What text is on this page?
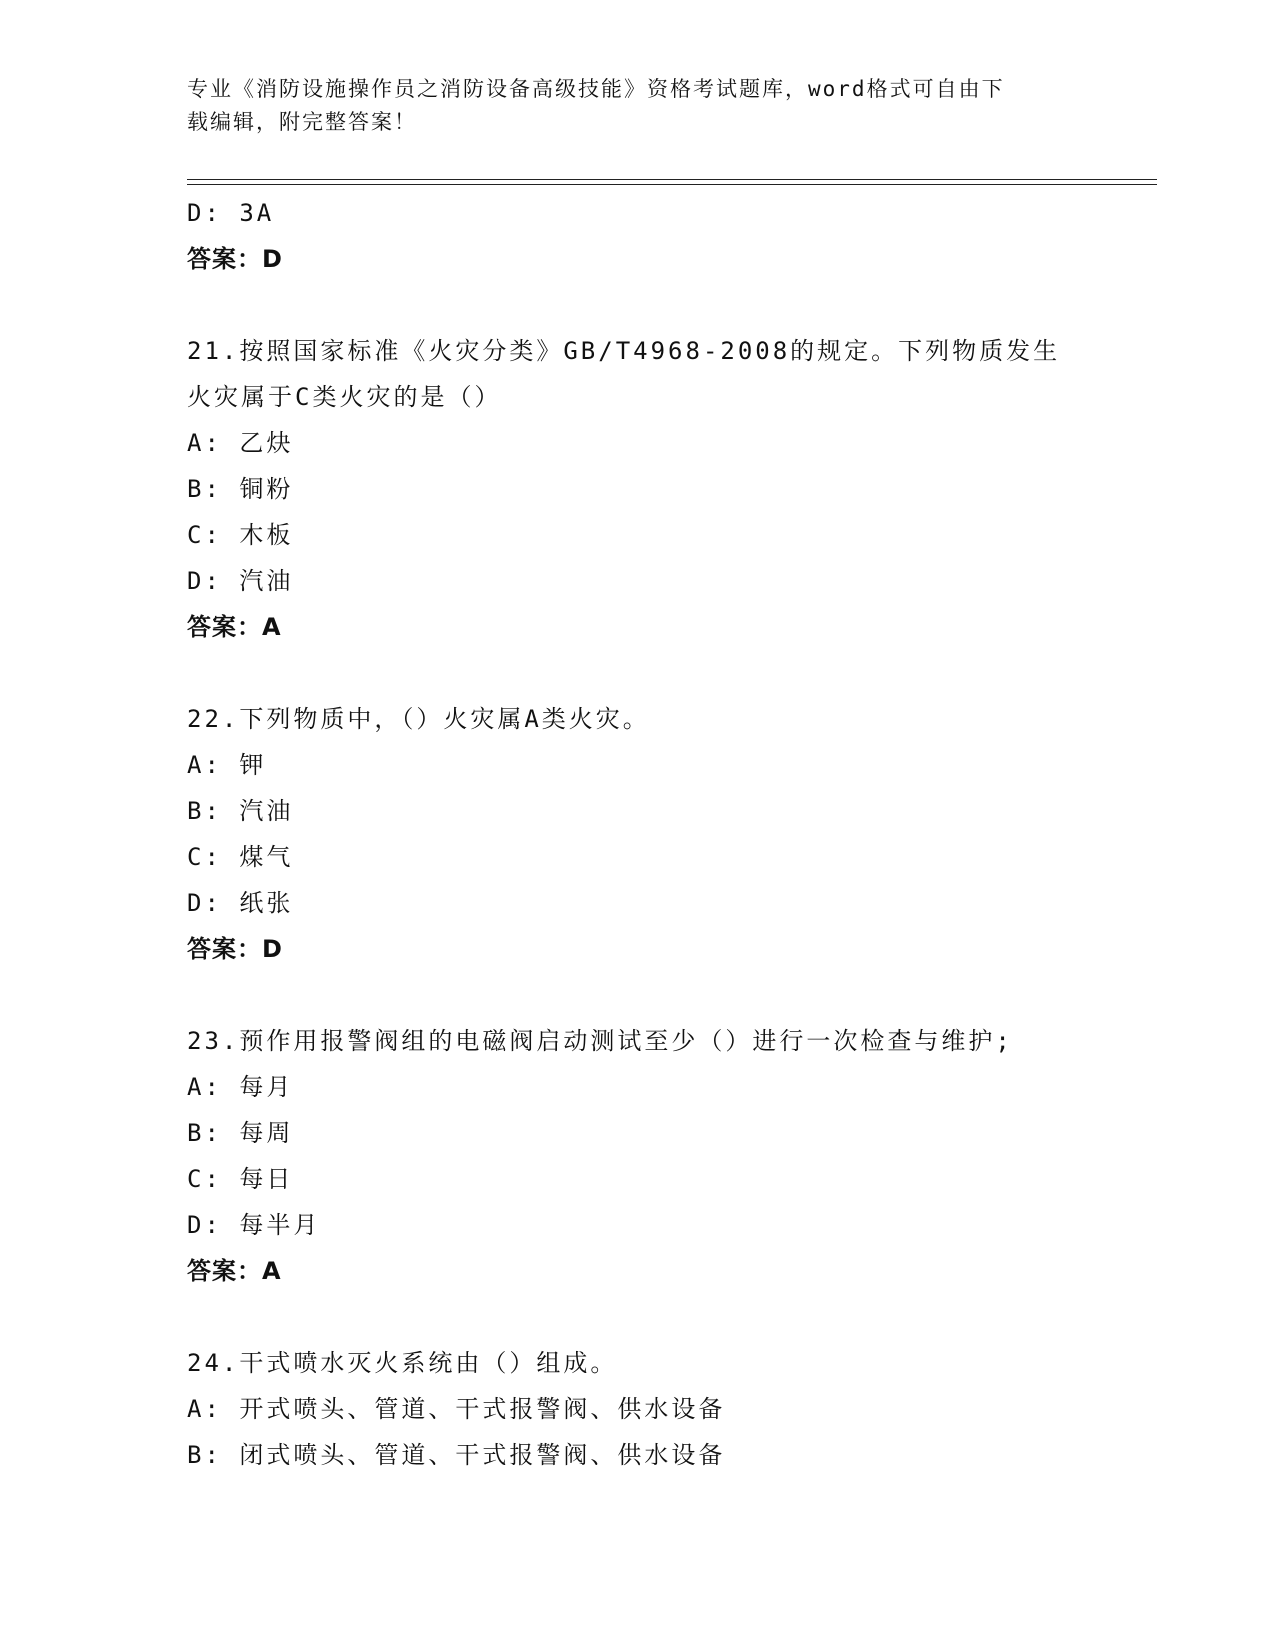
专业《消防设施操作员之消防设备高级技能》资格考试题库，word格式可自由下
载编辑，附完整答案！
D: 3A
答案：D
21.按照国家标准《火灾分类》GB/T4968-2008的规定。下列物质发生
火灾属于C类火灾的是（）
A: 乙炔
B: 铜粉
C: 木板
D: 汽油
答案：A
22.下列物质中，（）火灾属A类火灾。
A: 钾
B: 汽油
C: 煤气
D: 纸张
答案：D
23.预作用报警阀组的电磁阀启动测试至少（）进行一次检查与维护;
A: 每月
B: 每周
C: 每日
D: 每半月
答案：A
24.干式喷水灭火系统由（）组成。
A: 开式喷头、管道、干式报警阀、供水设备
B: 闭式喷头、管道、干式报警阀、供水设备
